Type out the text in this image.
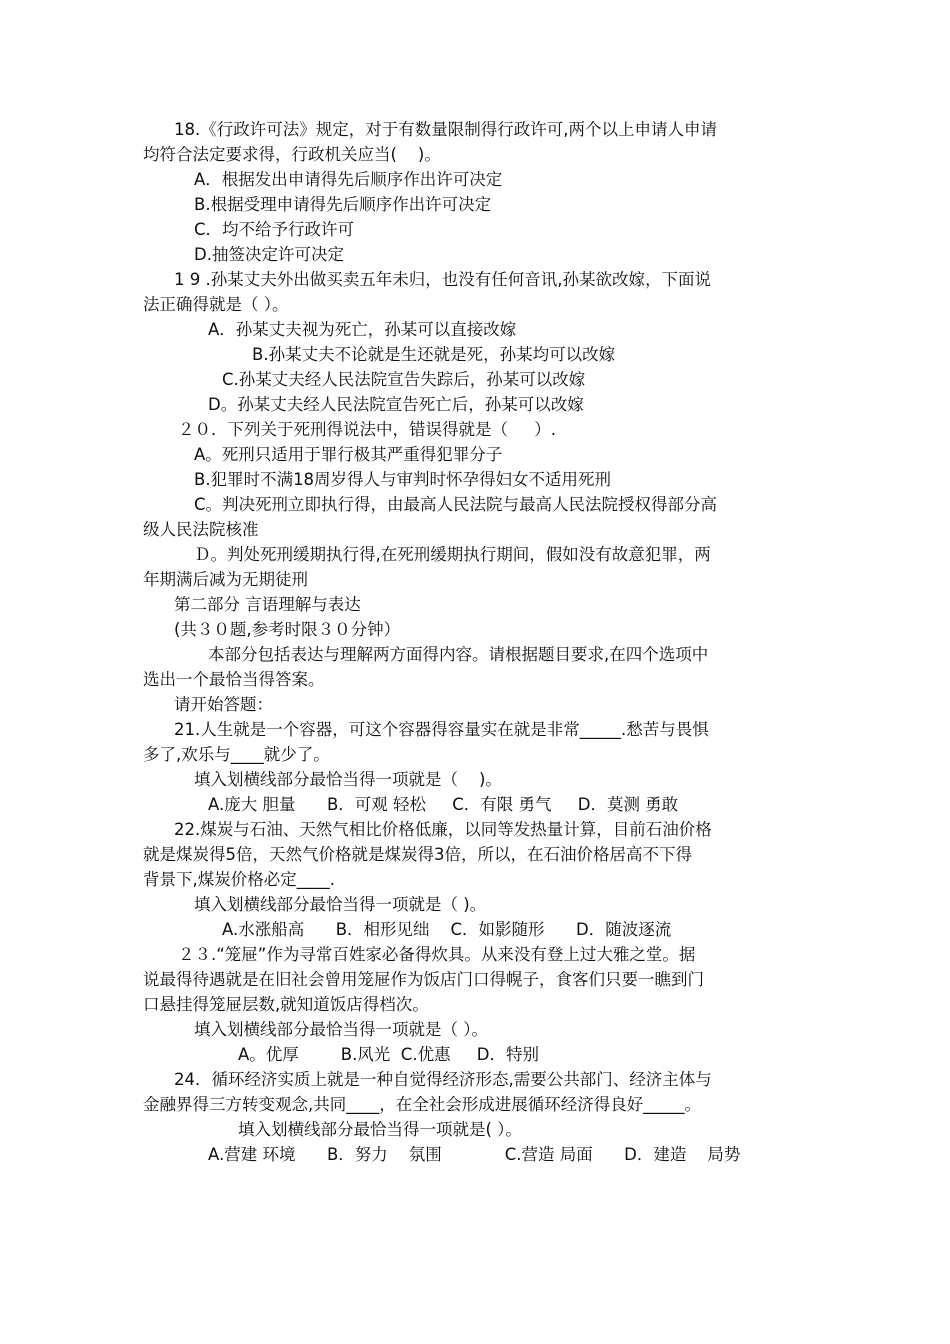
18.《行政许可法》规定，对于有数量限制得行政许可,两个以上申请人申请
均符合法定要求得，行政机关应当(    )。
A．根据发出申请得先后顺序作出许可决定
B.根据受理申请得先后顺序作出许可决定
C．均不给予行政许可
D.抽签决定许可决定
1 9 .孙某丈夫外出做买卖五年未归，也没有任何音讯,孙某欲改嫁，下面说
法正确得就是（ ）。
A．孙某丈夫视为死亡，孙某可以直接改嫁
B.孙某丈夫不论就是生还就是死，孙某均可以改嫁
C.孙某丈夫经人民法院宣告失踪后，孙某可以改嫁
D。孙某丈夫经人民法院宣告死亡后，孙某可以改嫁
２０．下列关于死刑得说法中，错误得就是（     ）.
A。死刑只适用于罪行极其严重得犯罪分子
B.犯罪时不满18周岁得人与审判时怀孕得妇女不适用死刑
C。判决死刑立即执行得，由最高人民法院与最高人民法院授权得部分高
级人民法院核准
Ｄ。判处死刑缓期执行得,在死刑缓期执行期间，假如没有故意犯罪，两
年期满后减为无期徒刑
第二部分 言语理解与表达
(共３０题,参考时限３０分钟）
本部分包括表达与理解两方面得内容。请根据题目要求,在四个选项中
选出一个最恰当得答案。
请开始答题：
21.人生就是一个容器，可这个容器得容量实在就是非常_____.愁苦与畏惧
多了,欢乐与____就少了。
填入划横线部分最恰当得一项就是（    )。
A.庞大 胆量      B．可观 轻松     C．有限 勇气     D．莫测 勇敢
22.煤炭与石油、天然气相比价格低廉，以同等发热量计算，目前石油价格
就是煤炭得5倍，天然气价格就是煤炭得3倍，所以，在石油价格居高不下得
背景下,煤炭价格必定____.
填入划横线部分最恰当得一项就是（ )。
A.水涨船高      B．相形见绌    C．如影随形      D．随波逐流
２３.“笼屉”作为寻常百姓家必备得炊具。从来没有登上过大雅之堂。据
说最得待遇就是在旧社会曾用笼屉作为饭店门口得幌子，食客们只要一瞧到门
口悬挂得笼屉层数,就知道饭店得档次。
填入划横线部分最恰当得一项就是（ ）。
A。优厚        B.风光  C.优惠     D．特别
24．循环经济实质上就是一种自觉得经济形态,需要公共部门、经济主体与
金融界得三方转变观念,共同____，在全社会形成进展循环经济得良好_____。
填入划横线部分最恰当得一项就是( ）。
A.营建 环境      B．努力    氛围            C.营造 局面      D．建造    局势
